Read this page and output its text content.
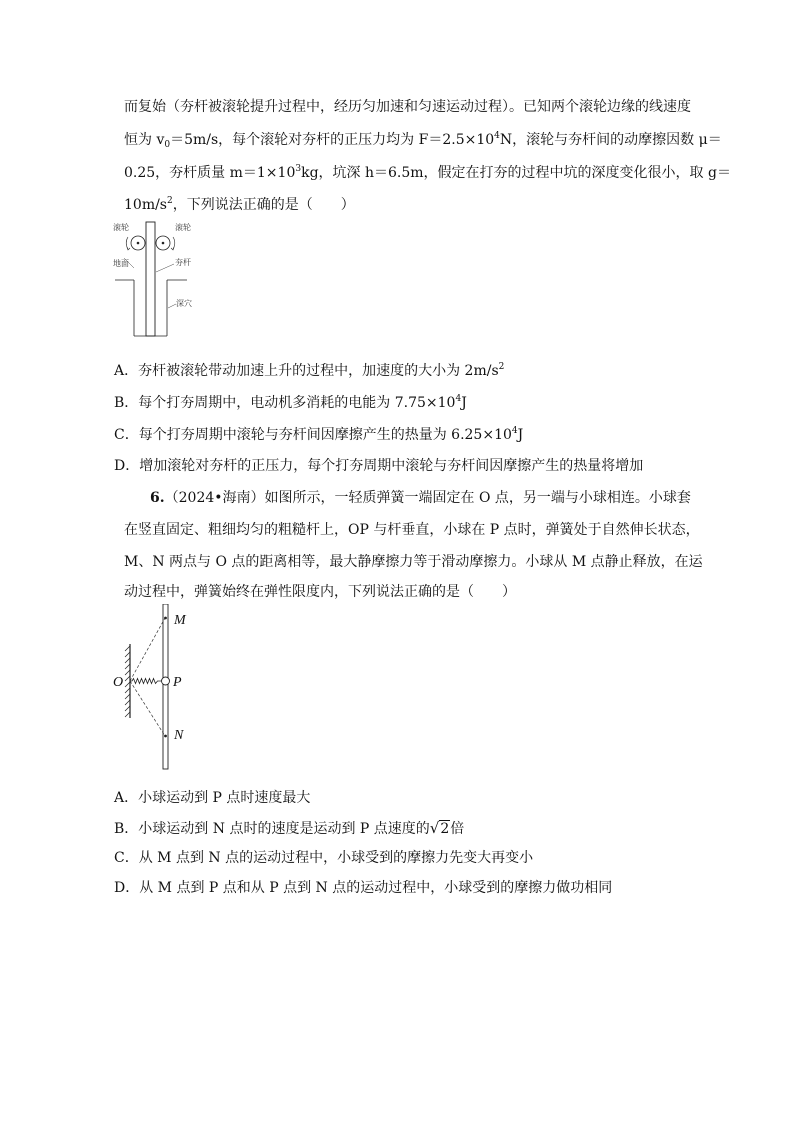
而复始（夯杆被滚轮提升过程中，经历匀加速和匀速运动过程）。已知两个滚轮边缘的线速度
恒为 $v_0=5m/s$，每个滚轮对夯杆的正压力均为 $F=2.5\times 10^4N$，滚轮与夯杆间的动摩擦因数 μ＝
0.25，夯杆质量 $m=1\times 10^3kg$，坑深 h＝6.5m，假定在打夯的过程中坑的深度变化很小，取 g＝
$10m/s^2$，下列说法正确的是（　　）
滚轮	滚轮
地面	夯杆
深穴
A．夯杆被滚轮带动加速上升的过程中，加速度的大小为 $2m/s^2$
B．每个打夯周期中，电动机多消耗的电能为 $7.75\times 10^4J$
C．每个打夯周期中滚轮与夯杆间因摩擦产生的热量为 $6.25\times 10^4J$
D．增加滚轮对夯杆的正压力，每个打夯周期中滚轮与夯杆间因摩擦产生的热量将增加
6.（2024•海南）如图所示，一轻质弹簧一端固定在 O 点，另一端与小球相连。小球套
在竖直固定、粗细均匀的粗糙杆上，OP 与杆垂直，小球在 P 点时，弹簧处于自然伸长状态，
M、N 两点与 O 点的距离相等，最大静摩擦力等于滑动摩擦力。小球从 M 点静止释放，在运
动过程中，弹簧始终在弹性限度内，下列说法正确的是（　　）
M
O	P
N
A．小球运动到 P 点时速度最大
B．小球运动到 N 点时的速度是运动到 P 点速度的√2倍
C．从 M 点到 N 点的运动过程中，小球受到的摩擦力先变大再变小
D．从 M 点到 P 点和从 P 点到 N 点的运动过程中，小球受到的摩擦力做功相同
